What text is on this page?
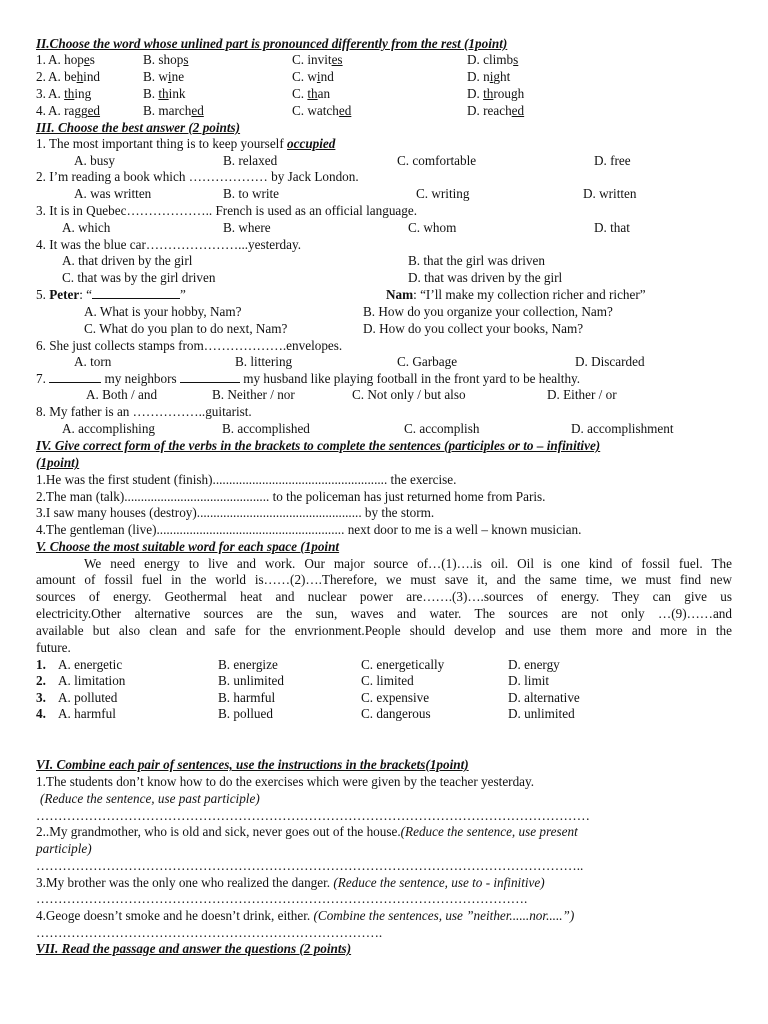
II.Choose the word whose unlined part is pronounced differently from the rest (1point)
1. A. hopes	B. shops	C. invites	D. climbs
2. A. behind	B. wine	C. wind	D. night
3. A. thing	B. think	C. than	D. through
4. A. ragged	B. marched	C. watched	D. reached
III. Choose the best answer (2 points)
1. The most important thing is to keep yourself occupied
A. busy	B. relaxed	C. comfortable	D. free
2. I’m reading a book which ……………… by Jack London.
A. was written	B. to write	C. writing	D. written
3. It is in Quebec……………….. French is used as an official language.
A. which	B. where	C. whom	D. that
4. It was the blue car…………………...yesterday.
A. that driven by the girl	B. that the girl was driven
C. that was by the girl driven	D. that was driven by the girl
5. Peter: “	”	Nam: “I’ll make my collection richer and richer”
A. What is your hobby, Nam?	B. How do you organize your collection, Nam?
C. What do you plan to do next, Nam?	D. How do you collect your books, Nam?
6. She just collects stamps from……………….envelopes.
A. torn	B. littering	C. Garbage	D. Discarded
7.	my neighbors	my husband like playing football in the front yard to be healthy.
A. Both / and	B. Neither / nor	C. Not only / but also	D. Either / or
8. My father is an ……………..guitarist.
A. accomplishing	B. accomplished	C. accomplish	D. accomplishment
IV. Give correct form of the verbs in the brackets to complete the sentences (participles or to – infinitive)
(1point)
1.He was the first student (finish)..................................................... the exercise.
2.The man (talk)............................................ to the policeman has just returned home from Paris.
3.I saw many houses (destroy).................................................. by the storm.
4.The gentleman (live)......................................................... next door to me is a well – known musician.
V. Choose the most suitable word for each space (1point
We need energy to live and work. Our major source of…(1)….is oil. Oil is one kind of fossil fuel. The
amount of fossil fuel in the world is……(2)….Therefore, we must save it, and the same time, we must find new
sources of energy. Geothermal heat and nuclear power are…….(3)….sources of energy. They can give us
electricity.Other alternative sources are the sun, waves and water. The sources are not only …(9)……and
available but also clean and safe for the envrionment.People should develop and use them more and more in the
future.
1. A. energetic	B. energize	C. energetically	D. energy
2. A. limitation	B. unlimited	C. limited	D. limit
3. A. polluted	B. harmful	C. expensive	D. alternative
4. A. harmful	B. pollued	C. dangerous	D. unlimited
VI. Combine each pair of sentences, use the instructions in the brackets(1point)
1.The students don’t know how to do the exercises which were given by the teacher yesterday.
(Reduce the sentence, use past participle)
………………………………………………………………………………………………………………
2..My grandmother, who is old and sick, never goes out of the house.(Reduce the sentence, use present
participle)
……………………………………………………………………………………………………………..
3.My brother was the only one who realized the danger. (Reduce the sentence, use to - infinitive)
………………………………………………………………………………………………….
4.Geoge doesn’t smoke and he doesn’t drink, either. (Combine the sentences, use ”neither......nor.....”)
…………………………………………………………………….
VII. Read the passage and answer the questions (2 points)
